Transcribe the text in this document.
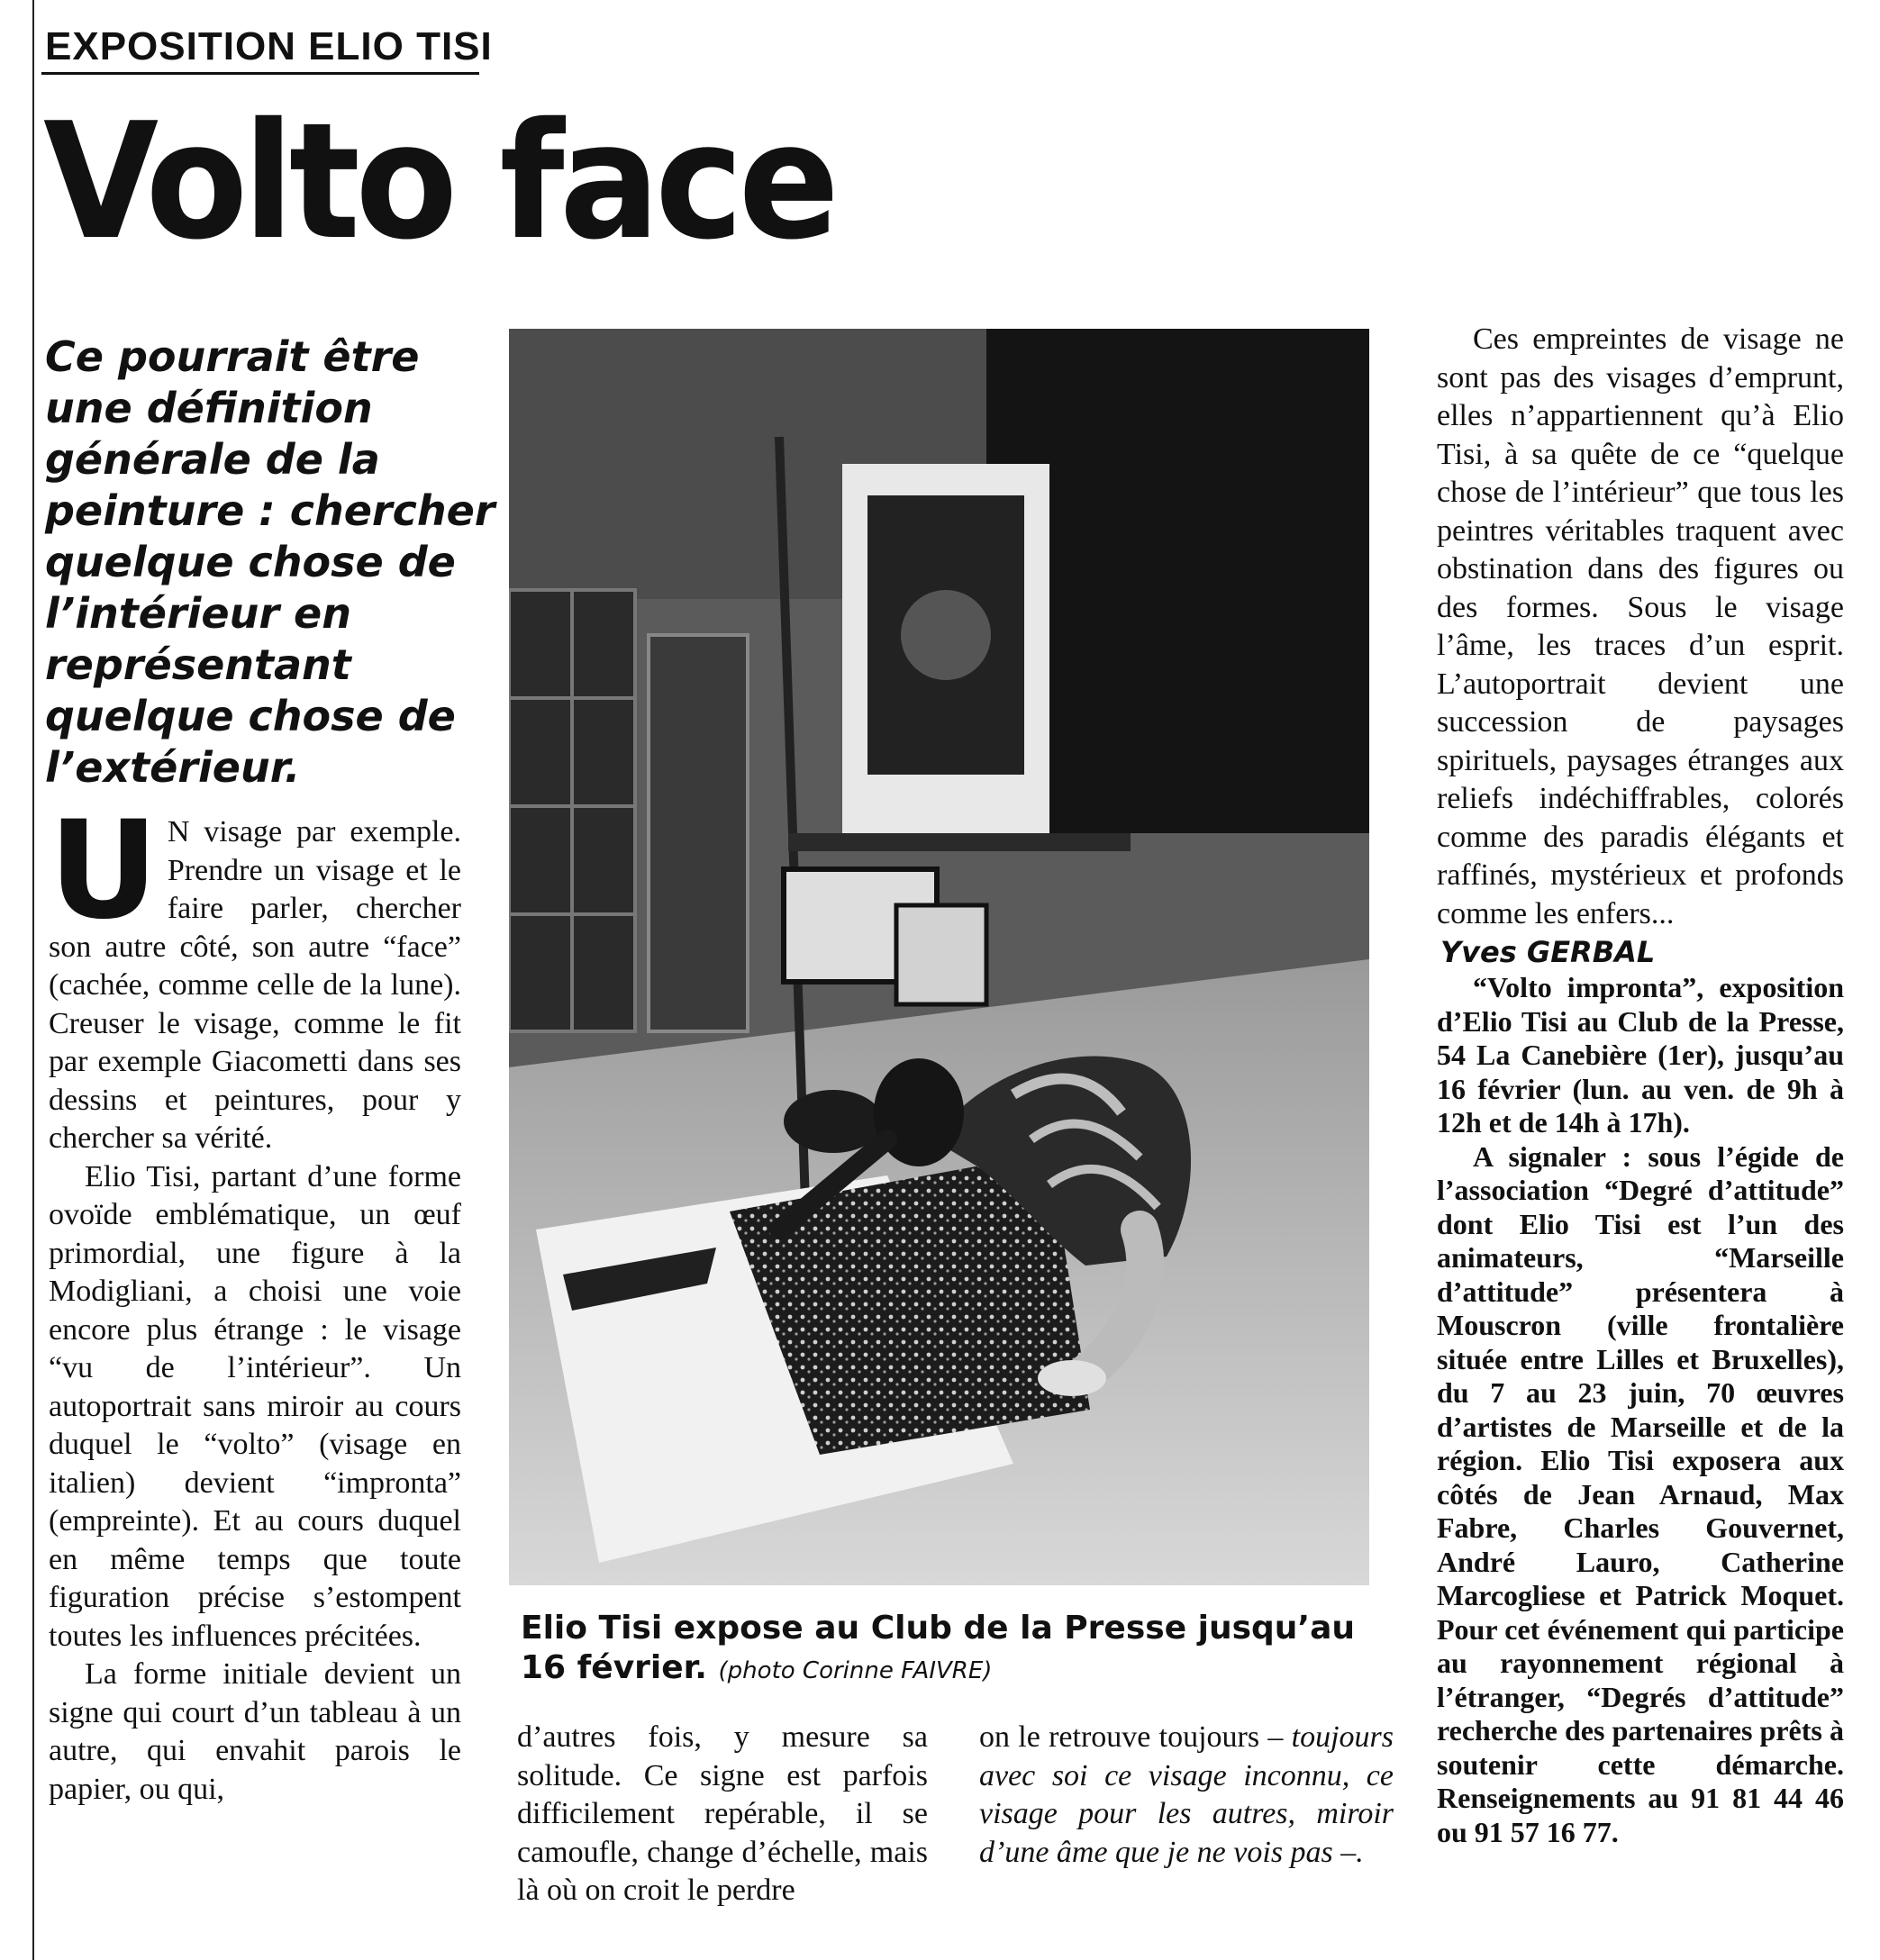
EXPOSITION ELIO TISI
Volto face
Ce pourrait être
une définition
générale de la
peinture : chercher
quelque chose de
l’intérieur en
représentant
quelque chose de
l’extérieur.

U N visage par exemple. Prendre un visage et le faire parler, chercher son autre côté, son autre “face” (cachée, comme celle de la lune). Creuser le visage, comme le fit par exemple Giacometti dans ses dessins et peintures, pour y chercher sa vérité.

Elio Tisi, partant d’une forme ovoïde emblématique, un œuf primordial, une figure à la Modigliani, a choisi une voie encore plus étrange : le visage “vu de l’intérieur”. Un autoportrait sans miroir au cours duquel le “volto” (visage en italien) devient “impronta” (empreinte). Et au cours duquel en même temps que toute figuration précise s’estompent toutes les influences précitées.

La forme initiale devient un signe qui court d’un tableau à un autre, qui envahit parois le papier, ou qui,

Elio Tisi expose au Club de la Presse jusqu’au 16 février. (photo Corinne FAIVRE)

d’autres fois, y mesure sa solitude. Ce signe est parfois difficilement repérable, il se camoufle, change d’échelle, mais là où on croit le perdre

on le retrouve toujours – toujours avec soi ce visage inconnu, ce visage pour les autres, miroir d’une âme que je ne vois pas –.

Ces empreintes de visage ne sont pas des visages d’emprunt, elles n’appartiennent qu’à Elio Tisi, à sa quête de ce “quelque chose de l’intérieur” que tous les peintres véritables traquent avec obstination dans des figures ou des formes. Sous le visage l’âme, les traces d’un esprit. L’autoportrait devient une succession de paysages spirituels, paysages étranges aux reliefs indéchiffrables, colorés comme des paradis élégants et raffinés, mystérieux et profonds comme les enfers...

Yves GERBAL

“Volto impronta”, exposition d’Elio Tisi au Club de la Presse, 54 La Canebière (1er), jusqu’au 16 février (lun. au ven. de 9h à 12h et de 14h à 17h).

A signaler : sous l’égide de l’association “Degré d’attitude” dont Elio Tisi est l’un des animateurs, “Marseille d’attitude” présentera à Mouscron (ville frontalière située entre Lilles et Bruxelles), du 7 au 23 juin, 70 œuvres d’artistes de Marseille et de la région. Elio Tisi exposera aux côtés de Jean Arnaud, Max Fabre, Charles Gouvernet, André Lauro, Catherine Marcogliese et Patrick Moquet. Pour cet événement qui participe au rayonnement régional à l’étranger, “Degrés d’attitude” recherche des partenaires prêts à soutenir cette démarche. Renseignements au 91 81 44 46 ou 91 57 16 77.
